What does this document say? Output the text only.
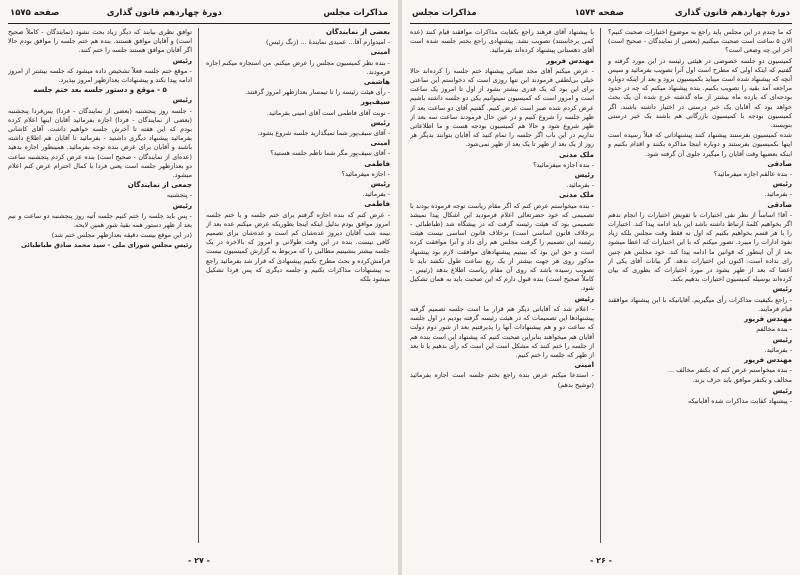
مذاكرات مجلس
دورهٔ چهاردهم قانون گذاری
صفحه ۱۵۷۵

بعضی از نمایندگان

- امیدوارم آقا... عمیدی نمایندهٔ ... (زنگ رئیس)

امینی

- بنده نظر کمیسیون مجلس را عرض میکنم. من استجازه میکنم اجازه فرمودند.

هاشمی

- رأی هیئت رئیسه را تا تیمسار بعدازظهر امروز گرفتند.

سیف‌پور

- نوبت آقای فاطمی است آقای امینی بفرمائید.

رئیس

- آقای سیف‌پور شما تمیگذارید جلسه شروع بشود.

امینی

- آقای سیف‌پور مگر شما ناظم جلسه هستید؟

فاطمی

- اجازه میفرمائید؟

رئیس

- بفرمائید.

فاطمی

- عرض کنم که بنده اجازه گرفتم برای ختم جلسه و با ختم جلسه امروز موافق بودم بدلیل اینکه اینجا بطوریکه عرض میکنم عده بعد از نیمه شب آقایان دیروز عده‌شان کم است و عده‌شان برای تصمیم کافی نیست. بنده در این وقت طولانی و امروز که بالاخره در یک جلسه بیشتر بنشینیم مطالبی را که مربوط به گزارش کمیسیون نیست فرامش‌کرده و بحث مطرح بکنیم پیشنهادی که قرار شد بفرمائید راجع به پیشنهادات مذاکرات بکنیم و جلسه دیگری که پس فردا تشکیل میشود بلکه

توافق نظری بیابند که دیگر زیاد بحث نشود (نمایندگان - کاملاً صحیح است) و آقایان موافق هستند. بنده هم ختم جلسه را موافق بودم حالا اگر آقایان موافق هستند جلسه را ختم کنند.

رئیس

- موقع ختم جلسه فعلاً تشخیص داده میشود که جلسه بیشتر از امروز ادامه پیدا نکند و پیشنهادات بعدازظهر امروز بپذیرد.

۵ - موقع و دستور جلسه بعد ختم جلسه

رئیس

- جلسه روز پنجشنبه (بعضی از نمایندگان - فردا) یس‌فردا پنجشنبه (بعضی از نمایندگان - فردا) اجازه بفرمائید آقایان اینها اعلام کرده بودم که این هفته تا آخرش جلسه خواهیم داشت. آقای کاشانی بفرمائید پیشنهاد دیگری داشتید - بفرمائید تا آقایان هم اطلاع داشته باشند و آقایان برای عرض بنده توجه بفرمائید. همینطور اجازه بدهید (عده‌ای از نمایندگان - صحیح است) بنده عرض کردم پنجشنبه ساعت دو بعدازظهر جلسه است یعنی فردا با کمال احترام عرض کنم اعلام میشود.

جمعی از نمایندگان

- پنجشنبه

رئیس

- پس باید جلسه را ختم کنیم جلسه آتیه روز پنجشنبه دو ساعت و نیم بعد از ظهر دستور همه بقیهٔ شور همین لایحه.

(در این موقع بیست دقیقه بعدازظهر مجلس ختم شد)

رئیس مجلس شورای ملی - سید محمد صادق طباطبائی

- ۲۷ -
دورهٔ چهاردهم قانون گذاری
صفحه ۱۵۷۴
مذاکرات مجلس

که ما چندم در این مجلس باید راجع به موضوع اختیارات صحبت کنیم؟ الان ۵ ساعت است صحبت میکنیم (بعضی از نمایندگان - صحیح است) آخر این چه وضعی است؟

کمیسیون دو جلسه خصوصی در هیئتی رئیسه در این مورد گرفته و گفتیم که اینکه اولی که مطرح است اول آنرا تصویب بفرمائید و سپس آنچه که پیشنهاد شده است میباید بکمیسیون برود و بعد از اینکه دوباره مراجعه آمد بقیه را تصویب بکنیم. بنده پیشنهاد میکنم که چه در حدود بودجه‌ای که یازده ماه بیشتر از ماه گذشته خرج شده آن یک بحث خواهد بود که آقایان یک خبر درستی در اختیار داشته باشند. اگر کمیسیون بودجه با کمیسیون بازرگانی هم باشند یک خبر درستی بنویسند.

شده کمیسیون بفرستند پیشنهاد کنند پیشنهاداتی که قبلاً رسیده است اینها بکمیسیون بفرستند و دوباره اینجا مذاکره بکنند و اقدام بکنیم و اینکه بعضیها وقت آقایان را میگیرد جلوی آن گرفته شود.

صادقی

- بنده عالقم اجازه میفرمائید؟

رئیس

- بفرمائید.

صادقی

- آقا! اساساً از نظر نفی اختیارات با تفویض اختیارات را انجام ندهم اگر بخواهیم کلمهٔ ارتباط داشته باشد این باید ادامه پیدا کند. اختیارات را با هر قسم بخواهیم بکنیم که اول نه فقط وقت مجلس بلکه زیاد نفوذ ادارات را میبرد. تصور میکنم که با این اختیارات که اعطا میشود بعد از آن اینطور که قوانین ما ادامه پیدا کند. خود مجلس هم چنین رای نداده است. اکنون این اختیارات ندهد. گر بیانات آقای یکی از اعضا که بعد از ظهر بشود در مورد اختیارات که بطوری که بیان کرده‌اند بوسیله کمیسیون اختیارات بدهیم بکند.

رئیس

- راجع بکیفیت مذاکرات رأی میگیریم. آقایانیکه با این پیشنهاد موافقند قیام فرمایند.

مهندس فریور

- بنده مخالفم

رئیس

- بفرمائید.

مهندس فریور

- بنده میخواستم عرض کنم که بکنفر مخالف ...

مخالف و یکنفر موافق باید حرف بزند.

رئیس

- پیشنهاد کفایت مذاکرات شده آقایانیکه

با پیشنهاد آقای فرهند راجع بکفایت مذاکرات موافقند قیام کنند (عده کمی برخاستند) تصویب نشد. پیشنهادی راجع بختم جلسه شده است آقای دهستانی پیشنهاد کرده‌اند بفرمائید.

مهندس فریور

- عرض میکنم آقای مجد ضیائی پیشنهاد ختم جلسه را کرده‌اند حالا خیلی بی‌لطفی فرمودند ابن تنها روزی است که دخواستم این ساعتی برای این بود که یک قدری بیشتر بشود از اول تا امروز یک ساعت است و امروز است که کمیسیون نمیتوانیم یکی دو جلسه داشته باشیم عرض کردم شده صبر است عرض کنیم. گفتیم آقای دو ساعت بعد از ظهر جلسه را شروع کنیم و در عین حال فرمودند ساعت سه بعد از ظهر شروع شود و حالا هم کمیسیون بودجه هست و ما اطلاعاتی نداریم در این باب اگر جلسه را تمام کنید که آقایان بتوانند بدیگر هر روز از یک بعد از ظهر تا یک بعد از ظهر نمی‌شود.

ملک مدنی

- بنده اجازه میفرمائید؟

رئیس

- بفرمائید.

ملک مدنی

- بنده میخواستم عرض کنم که اگر مقام ریاست توجه فرموده بودند با تصمیمی که خود حضرتعالی اعلام فرمودید این اشکال پیدا نمیشد تصمیمی بود که هیئت رئیسه گرفت که در پیشگاه شد (طباطبائی - برخلاف قانون اساسی است) برخلاف قانون اساسی نیست هیئت رئیسه این تصمیم را گرفت مجلس هم رأی داد و آنرا موافقت کرده است و حق این بود که ببینیم پیشنهادهای موافقت لازم بود پیشنهاد مذکور روی هر جهت بیشتر از یک ربع ساعت طول نکشد باید تا تصویب رسیده باشد که روی آن مقام ریاست اطلاع بدهد (رئیس - کاملاً صحیح است) بنده قبول دارم که این صحبت باید به همان تشکیل شود.

رئیس

- اعلام شد که آقایانی دیگر هم قرار ما است جلسه تصمیم گرفته پیشنهادها این تصمیمات که در هیئت رئیسه گرفته بودیم در اول جلسه که ساعت دو و هم پیشنهادات آنها را پذیرفتیم بعد از شور دوم دولت آقایان هم میخواهند بنابراین صحبت کنیم که پیشنهاد این است بنده هم از جلسه را ختم کنند که مشکل است این است که رأی بدهیم یا تا بعد از ظهر که جلسه را ختم کنیم.

امینی

- استدعا میکنم عرض بنده راجع بختم جلسه است اجازه بفرمائید (توشیح بدهم)

- ۲۶ -
